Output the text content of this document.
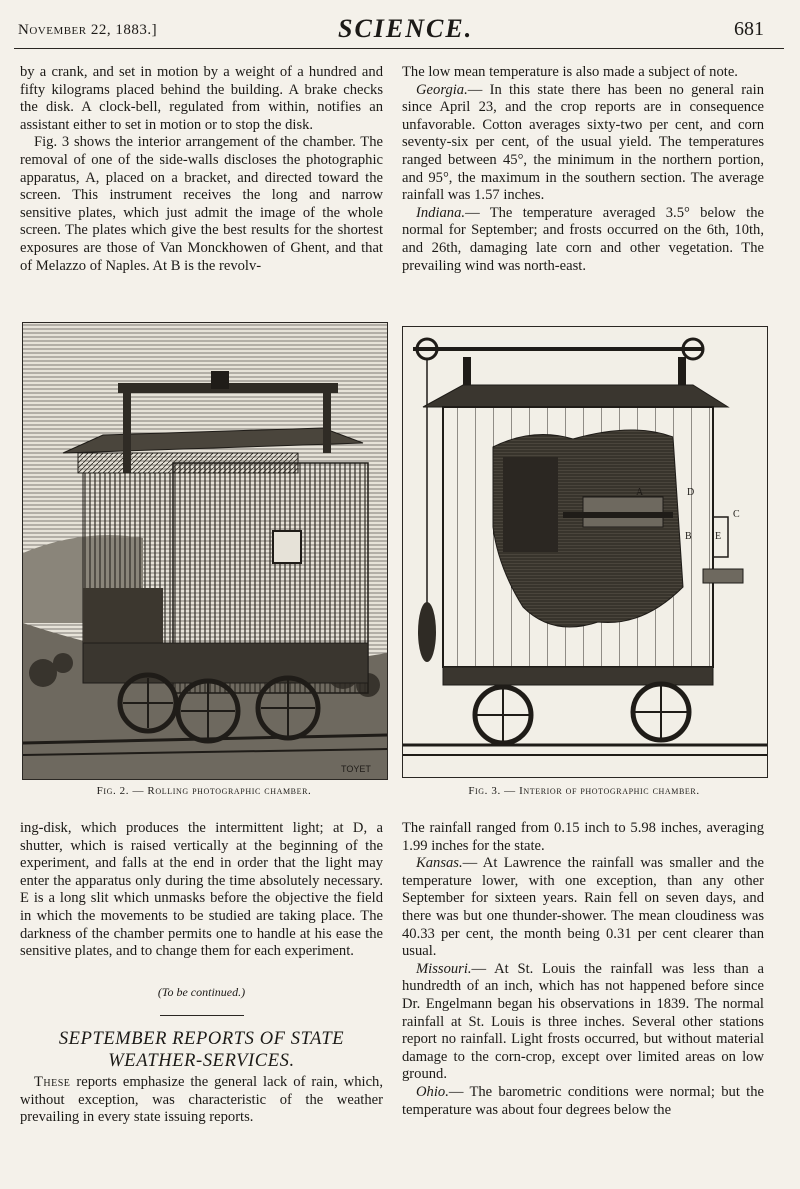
November 22, 1883.]	SCIENCE.	681

by a crank, and set in motion by a weight of a hundred and fifty kilograms placed behind the building. A brake checks the disk. A clock-bell, regulated from within, notifies an assistant either to set in motion or to stop the disk.

Fig. 3 shows the interior arrangement of the chamber. The removal of one of the side-walls discloses the photographic apparatus, A, placed on a bracket, and directed toward the screen. This instrument receives the long and narrow sensitive plates, which just admit the image of the whole screen. The plates which give the best results for the shortest exposures are those of Van Monckhowen of Ghent, and that of Melazzo of Naples. At B is the revolv-

The low mean temperature is also made a subject of note.

Georgia.— In this state there has been no general rain since April 23, and the crop reports are in consequence unfavorable. Cotton averages sixty-two per cent, and corn seventy-six per cent, of the usual yield. The temperatures ranged between 45°, the minimum in the northern portion, and 95°, the maximum in the southern section. The average rainfall was 1.57 inches.

Indiana.— The temperature averaged 3.5° below the normal for September; and frosts occurred on the 6th, 10th, and 26th, damaging late corn and other vegetation. The prevailing wind was north-east.

TOYET
Fig. 2. — Rolling photographic chamber.
A
B
C
D
E
Fig. 3. — Interior of photographic chamber.

ing-disk, which produces the intermittent light; at D, a shutter, which is raised vertically at the beginning of the experiment, and falls at the end in order that the light may enter the apparatus only during the time absolutely necessary. E is a long slit which unmasks before the objective the field in which the movements to be studied are taking place. The darkness of the chamber permits one to handle at his ease the sensitive plates, and to change them for each experiment.

(To be continued.)
SEPTEMBER REPORTS OF STATE
WEATHER-SERVICES.

These reports emphasize the general lack of rain, which, without exception, was characteristic of the weather prevailing in every state issuing reports.

The rainfall ranged from 0.15 inch to 5.98 inches, averaging 1.99 inches for the state.

Kansas.— At Lawrence the rainfall was smaller and the temperature lower, with one exception, than any other September for sixteen years. Rain fell on seven days, and there was but one thunder-shower. The mean cloudiness was 40.33 per cent, the month being 0.31 per cent clearer than usual.

Missouri.— At St. Louis the rainfall was less than a hundredth of an inch, which has not happened before since Dr. Engelmann began his observations in 1839. The normal rainfall at St. Louis is three inches. Several other stations report no rainfall. Light frosts occurred, but without material damage to the corn-crop, except over limited areas on low ground.

Ohio.— The barometric conditions were normal; but the temperature was about four degrees below the
